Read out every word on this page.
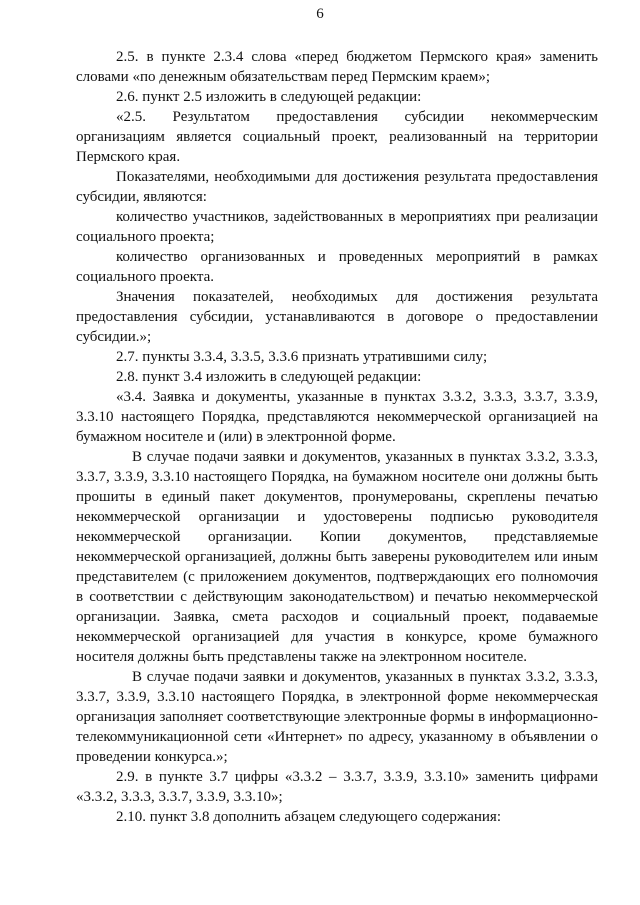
6

2.5. в пункте 2.3.4 слова «перед бюджетом Пермского края» заменить словами «по денежным обязательствам перед Пермским краем»;

2.6. пункт 2.5 изложить в следующей редакции:

«2.5. Результатом предоставления субсидии некоммерческим организациям является социальный проект, реализованный на территории Пермского края.

Показателями, необходимыми для достижения результата предоставления субсидии, являются:

количество участников, задействованных в мероприятиях при реализации социального проекта;

количество организованных и проведенных мероприятий в рамках социального проекта.

Значения показателей, необходимых для достижения результата предоставления субсидии, устанавливаются в договоре о предоставлении субсидии.»;

2.7. пункты 3.3.4, 3.3.5, 3.3.6 признать утратившими силу;

2.8. пункт 3.4 изложить в следующей редакции:

«3.4. Заявка и документы, указанные в пунктах 3.3.2, 3.3.3, 3.3.7, 3.3.9, 3.3.10 настоящего Порядка, представляются некоммерческой организацией на бумажном носителе и (или) в электронной форме.

В случае подачи заявки и документов, указанных в пунктах 3.3.2, 3.3.3, 3.3.7, 3.3.9, 3.3.10 настоящего Порядка, на бумажном носителе они должны быть прошиты в единый пакет документов, пронумерованы, скреплены печатью некоммерческой организации и удостоверены подписью руководителя некоммерческой организации. Копии документов, представляемые некоммерческой организацией, должны быть заверены руководителем или иным представителем (с приложением документов, подтверждающих его полномочия в соответствии с действующим законодательством) и печатью некоммерческой организации. Заявка, смета расходов и социальный проект, подаваемые некоммерческой организацией для участия в конкурсе, кроме бумажного носителя должны быть представлены также на электронном носителе.

В случае подачи заявки и документов, указанных в пунктах 3.3.2, 3.3.3, 3.3.7, 3.3.9, 3.3.10 настоящего Порядка, в электронной форме некоммерческая организация заполняет соответствующие электронные формы в информационно-телекоммуникационной сети «Интернет» по адресу, указанному в объявлении о проведении конкурса.»;

2.9. в пункте 3.7 цифры «3.3.2 – 3.3.7, 3.3.9, 3.3.10» заменить цифрами «3.3.2, 3.3.3, 3.3.7, 3.3.9, 3.3.10»;

2.10. пункт 3.8 дополнить абзацем следующего содержания:
